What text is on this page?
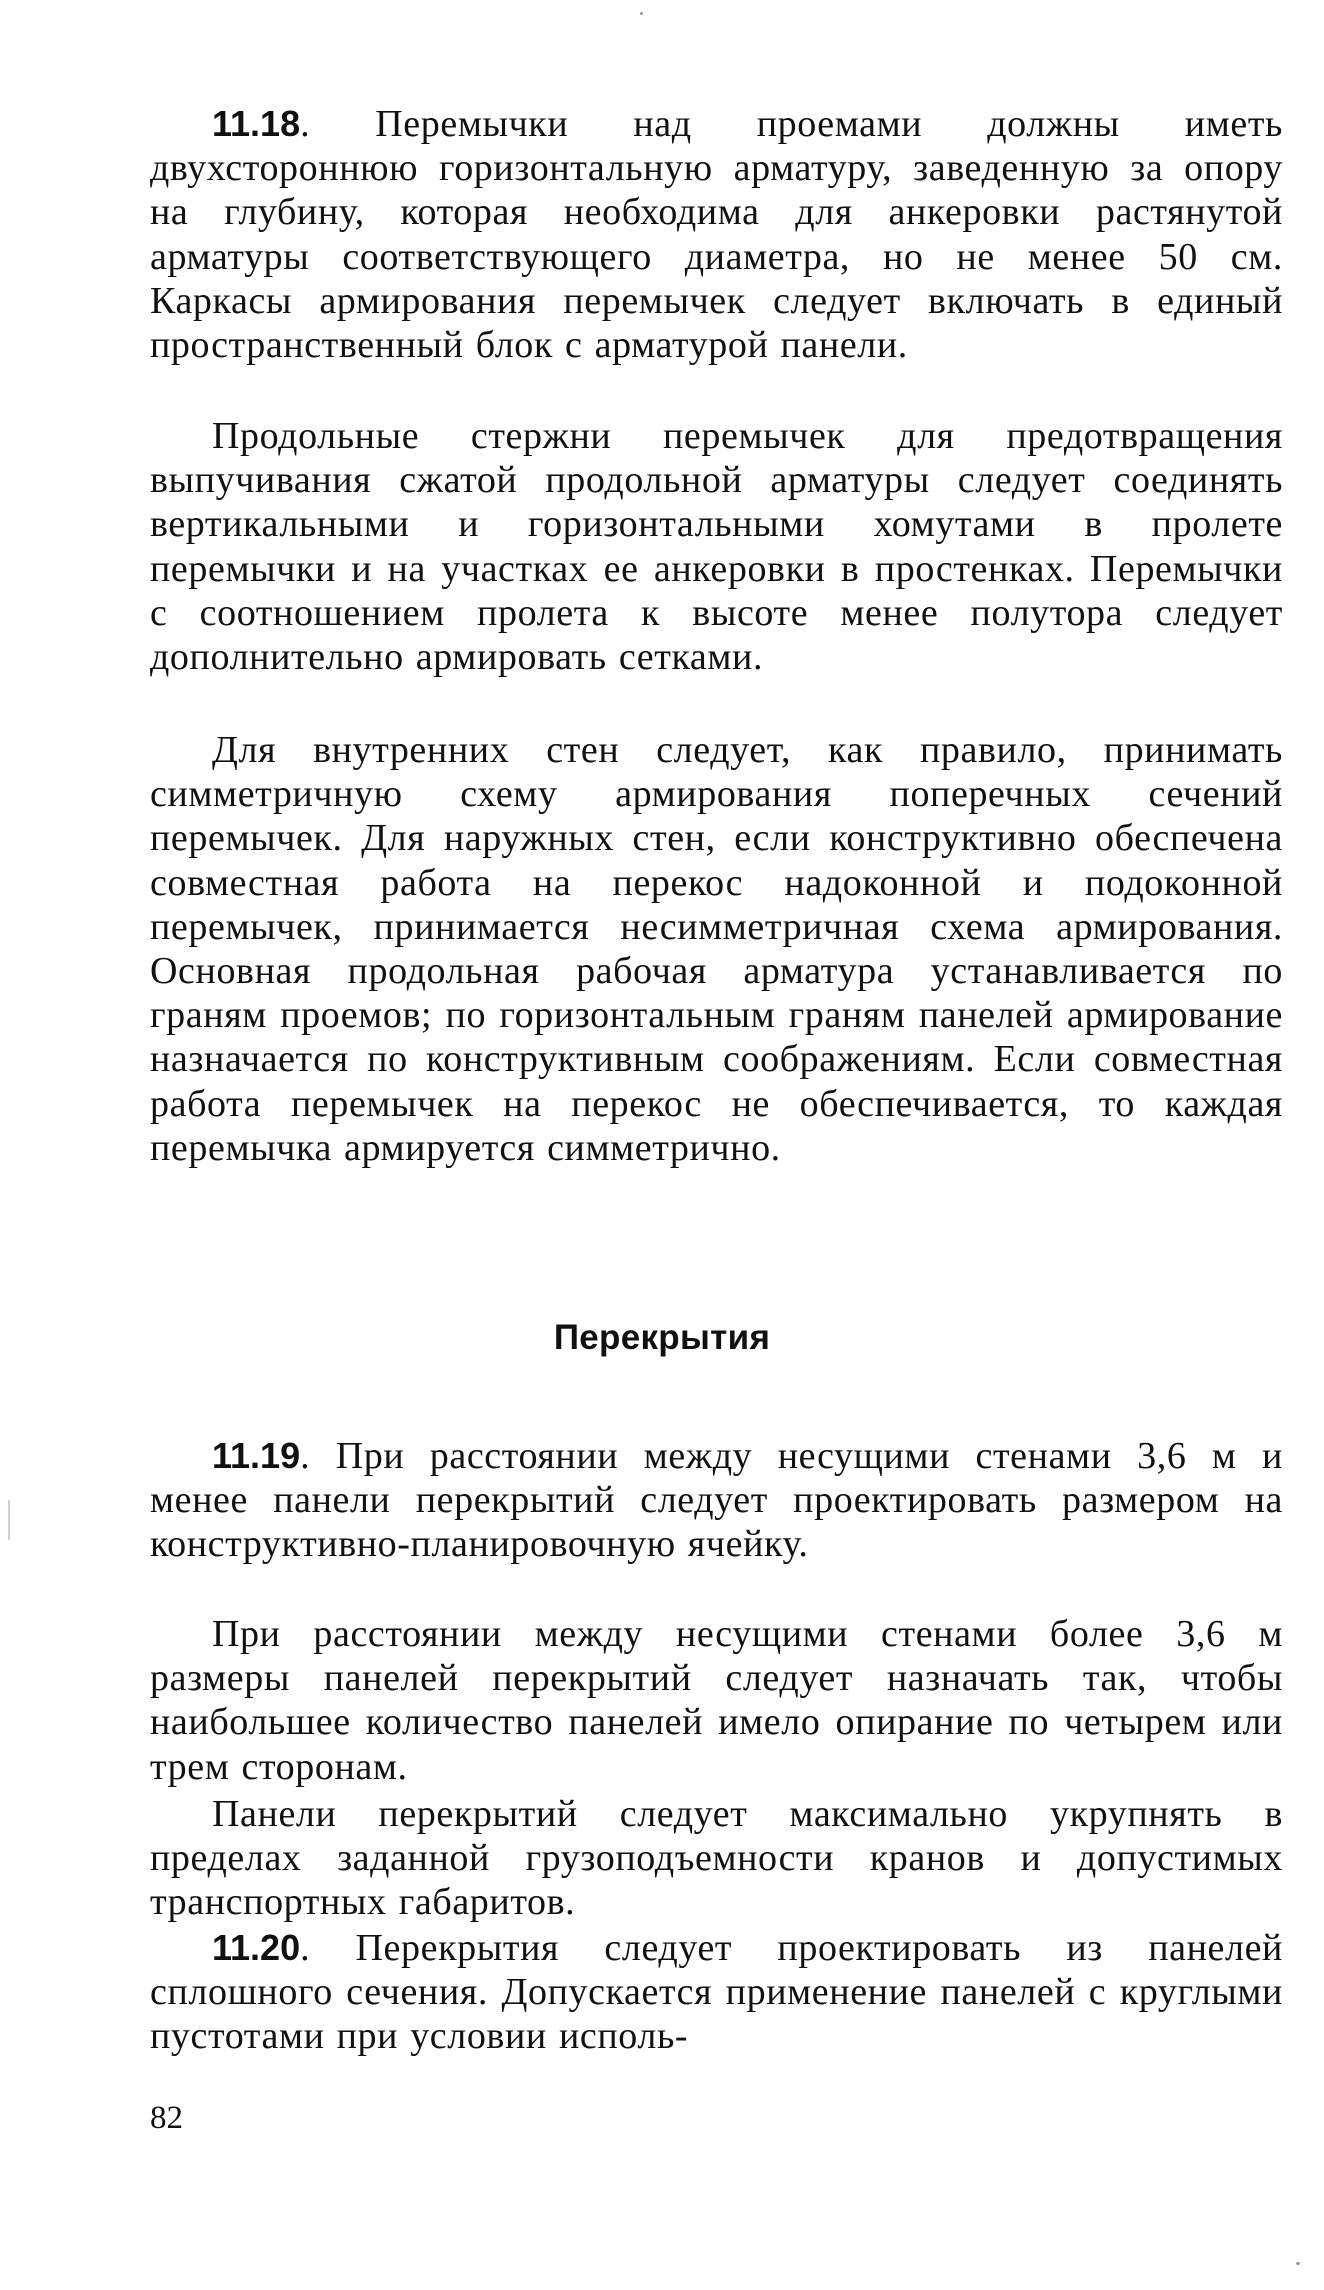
11.18. Перемычки над проемами должны иметь двухстороннюю горизонтальную арматуру, заведенную за опору на глубину, которая необходима для анкеровки растянутой арматуры соответствующего диаметра, но не менее 50 см. Каркасы армирования перемычек следует включать в единый пространственный блок с арматурой панели.

Продольные стержни перемычек для предотвращения выпучивания сжатой продольной арматуры следует соединять вертикальными и горизонтальными хомутами в пролете перемычки и на участках ее анкеровки в простенках. Перемычки с соотношением пролета к высоте менее полутора следует дополнительно армировать сетками.

Для внутренних стен следует, как правило, принимать симметричную схему армирования поперечных сечений перемычек. Для наружных стен, если конструктивно обеспечена совместная работа на перекос надоконной и подоконной перемычек, принимается несимметричная схема армирования. Основная продольная рабочая арматура устанавливается по граням проемов; по горизонтальным граням панелей армирование назначается по конструктивным соображениям. Если совместная работа перемычек на перекос не обеспечивается, то каждая перемычка армируется симметрично.

Перекрытия

11.19. При расстоянии между несущими стенами 3,6 м и менее панели перекрытий следует проектировать размером на конструктивно-планировочную ячейку.

При расстоянии между несущими стенами более 3,6 м размеры панелей перекрытий следует назначать так, чтобы наибольшее количество панелей имело опирание по четырем или трем сторонам.

Панели перекрытий следует максимально укрупнять в пределах заданной грузоподъемности кранов и допустимых транспортных габаритов.

11.20. Перекрытия следует проектировать из панелей сплошного сечения. Допускается применение панелей с круглыми пустотами при условии исполь-

82
